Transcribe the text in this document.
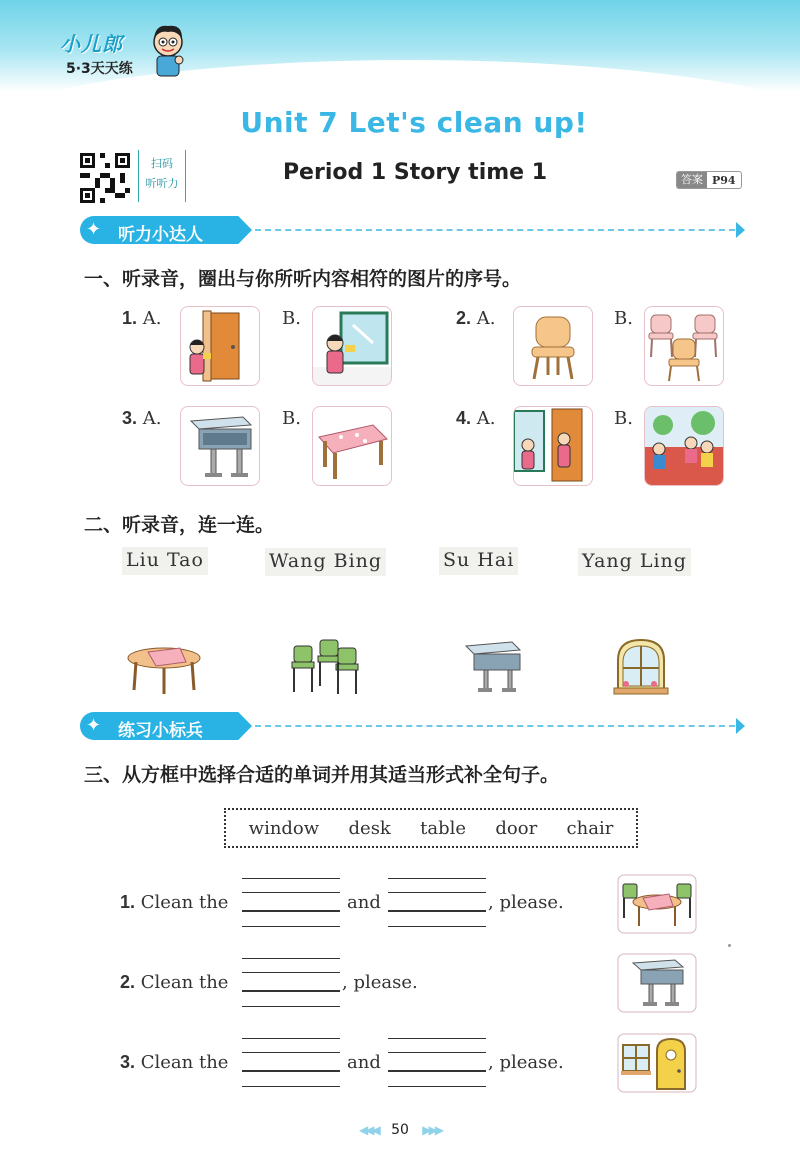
小儿郎
5·3天天练
Unit 7 Let's clean up!
扫码
听听力	Period 1 Story time 1	答案 P94
✦ 听力小达人
一、听录音，圈出与你所听内容相符的图片的序号。
1. A.	B.	2. A.	B.
3. A.	B.	4. A.	B.
二、听录音，连一连。
Liu Tao	Wang Bing	Su Hai	Yang Ling
✦ 练习小标兵
三、从方框中选择合适的单词并用其适当形式补全句子。
window desk table door chair
1. Clean the	and	, please.
2. Clean the	, please.
3. Clean the	and	, please.
◀◀◀ 50 ▶▶▶
